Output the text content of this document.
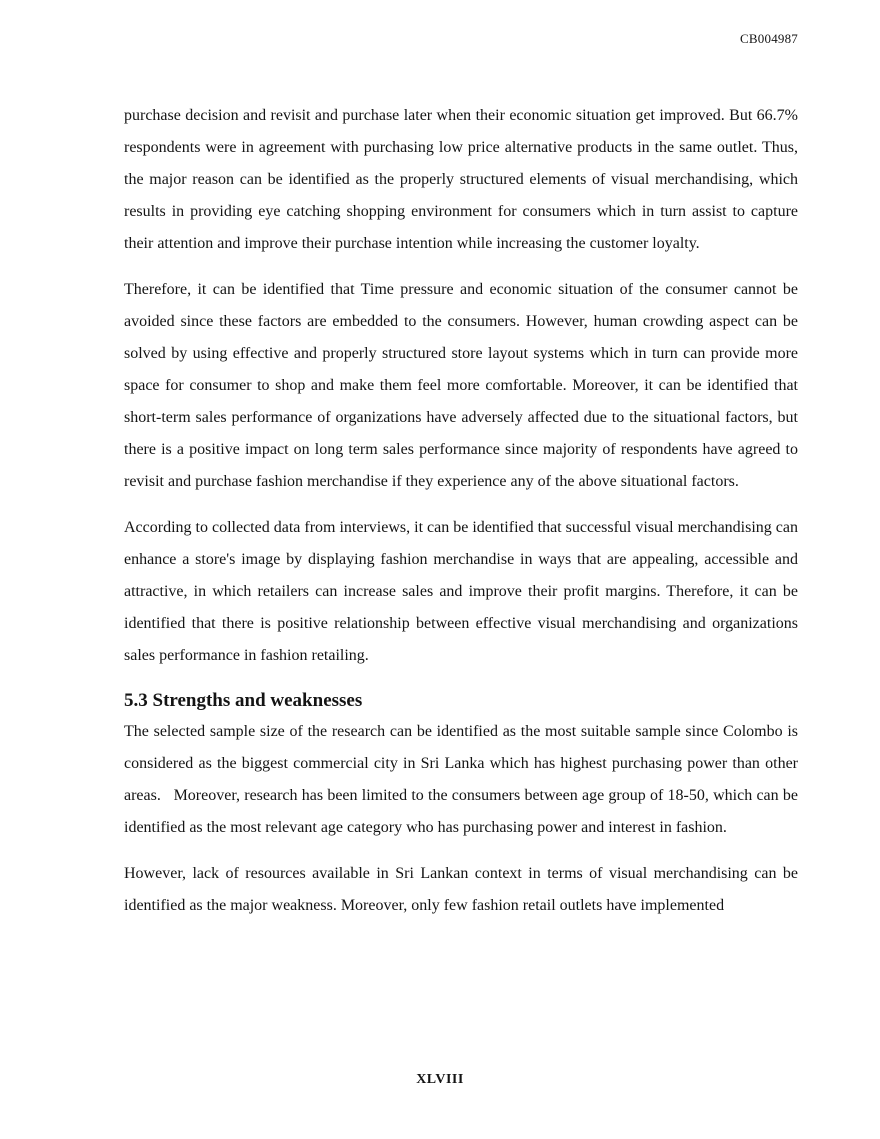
CB004987

purchase decision and revisit and purchase later when their economic situation get improved. But 66.7% respondents were in agreement with purchasing low price alternative products in the same outlet. Thus, the major reason can be identified as the properly structured elements of visual merchandising, which results in providing eye catching shopping environment for consumers which in turn assist to capture their attention and improve their purchase intention while increasing the customer loyalty.

Therefore, it can be identified that Time pressure and economic situation of the consumer cannot be avoided since these factors are embedded to the consumers. However, human crowding aspect can be solved by using effective and properly structured store layout systems which in turn can provide more space for consumer to shop and make them feel more comfortable. Moreover, it can be identified that short-term sales performance of organizations have adversely affected due to the situational factors, but there is a positive impact on long term sales performance since majority of respondents have agreed to revisit and purchase fashion merchandise if they experience any of the above situational factors.

According to collected data from interviews, it can be identified that successful visual merchandising can enhance a store's image by displaying fashion merchandise in ways that are appealing, accessible and attractive, in which retailers can increase sales and improve their profit margins. Therefore, it can be identified that there is positive relationship between effective visual merchandising and organizations sales performance in fashion retailing.

5.3 Strengths and weaknesses

The selected sample size of the research can be identified as the most suitable sample since Colombo is considered as the biggest commercial city in Sri Lanka which has highest purchasing power than other areas.   Moreover, research has been limited to the consumers between age group of 18-50, which can be identified as the most relevant age category who has purchasing power and interest in fashion.

However, lack of resources available in Sri Lankan context in terms of visual merchandising can be identified as the major weakness. Moreover, only few fashion retail outlets have implemented

XLVIII
